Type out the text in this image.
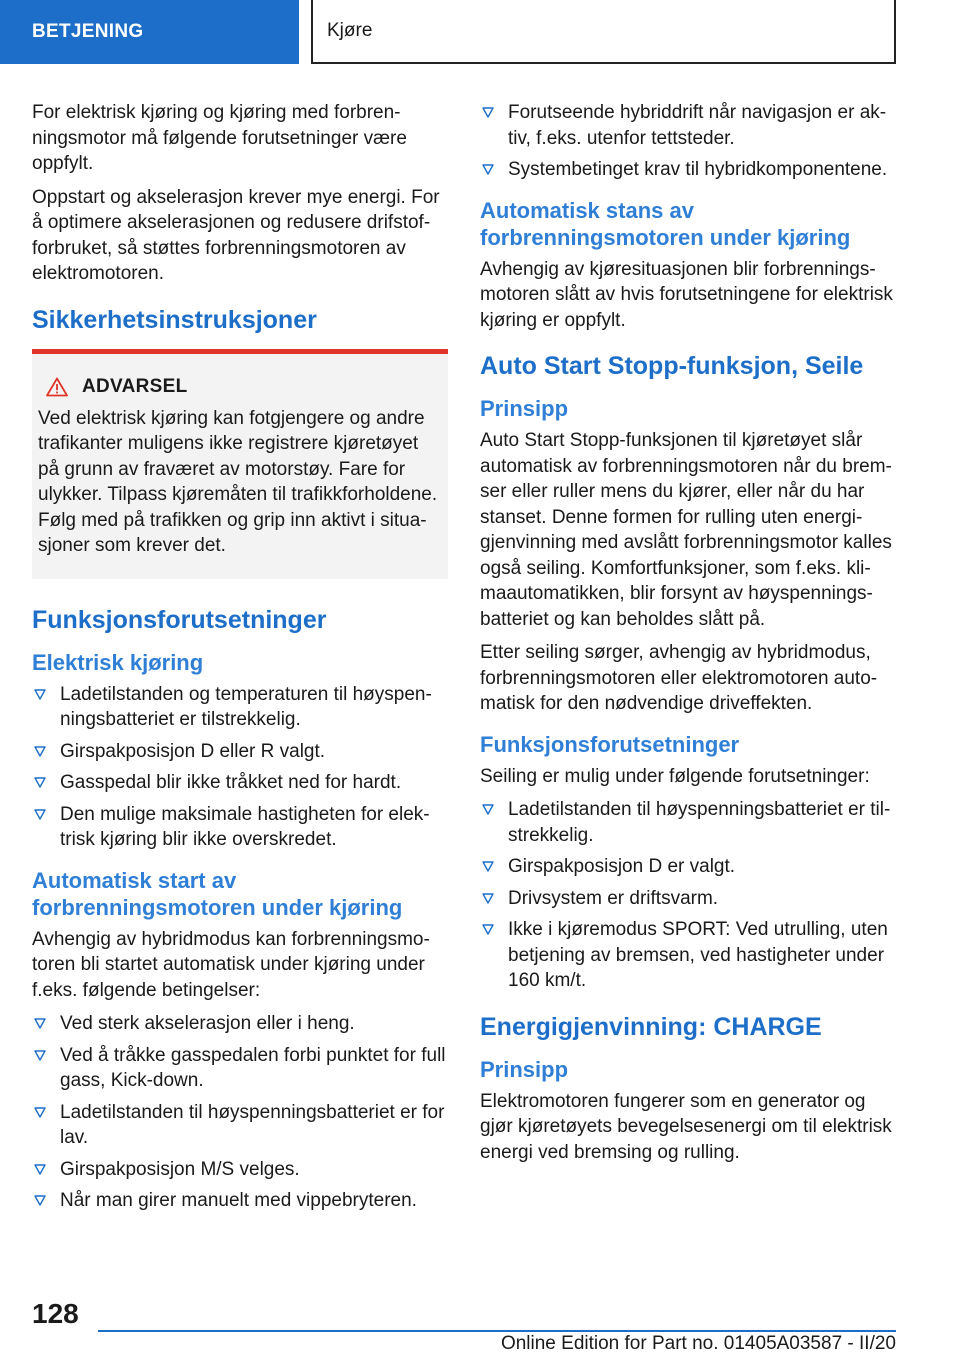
BETJENING	Kjøre

For elektrisk kjøring og kjøring med forbren-ningsmotor må følgende forutsetninger være oppfylt.

Oppstart og akselerasjon krever mye energi. For å optimere akselerasjonen og redusere drifstof-forbruket, så støttes forbrenningsmotoren av elektromotoren.

Sikkerhetsinstruksjoner
ADVARSEL

Ved elektrisk kjøring kan fotgjengere og andre trafikanter muligens ikke registrere kjøretøyet på grunn av fraværet av motorstøy. Fare for ulykker. Tilpass kjøremåten til trafikkforholdene. Følg med på trafikken og grip inn aktivt i situa-sjoner som krever det.

Funksjonsforutsetninger
Elektrisk kjøring
Ladetilstanden og temperaturen til høyspen-ningsbatteriet er tilstrekkelig.
Girspakposisjon D eller R valgt.
Gasspedal blir ikke tråkket ned for hardt.
Den mulige maksimale hastigheten for elek-trisk kjøring blir ikke overskredet.
Automatisk start av forbrenningsmotoren under kjøring

Avhengig av hybridmodus kan forbrenningsmo-toren bli startet automatisk under kjøring under f.eks. følgende betingelser:

Ved sterk akselerasjon eller i heng.
Ved å tråkke gasspedalen forbi punktet for full gass, Kick-down.
Ladetilstanden til høyspenningsbatteriet er for lav.
Girspakposisjon M/S velges.
Når man girer manuelt med vippebryteren.
Forutseende hybriddrift når navigasjon er ak-tiv, f.eks. utenfor tettsteder.
Systembetinget krav til hybridkomponentene.
Automatisk stans av forbrenningsmotoren under kjøring

Avhengig av kjøresituasjonen blir forbrennings-motoren slått av hvis forutsetningene for elektrisk kjøring er oppfylt.

Auto Start Stopp-funksjon, Seile
Prinsipp

Auto Start Stopp-funksjonen til kjøretøyet slår automatisk av forbrenningsmotoren når du brem-ser eller ruller mens du kjører, eller når du har stanset. Denne formen for rulling uten energi-gjenvinning med avslått forbrenningsmotor kalles også seiling. Komfortfunksjoner, som f.eks. kli-maautomatikken, blir forsynt av høyspennings-batteriet og kan beholdes slått på.

Etter seiling sørger, avhengig av hybridmodus, forbrenningsmotoren eller elektromotoren auto-matisk for den nødvendige driveffekten.

Funksjonsforutsetninger

Seiling er mulig under følgende forutsetninger:

Ladetilstanden til høyspenningsbatteriet er til-strekkelig.
Girspakposisjon D er valgt.
Drivsystem er driftsvarm.
Ikke i kjøremodus SPORT: Ved utrulling, uten betjening av bremsen, ved hastigheter under 160 km/t.
Energigjenvinning: CHARGE
Prinsipp

Elektromotoren fungerer som en generator og gjør kjøretøyets bevegelsesenergi om til elektrisk energi ved bremsing og rulling.

128
Online Edition for Part no. 01405A03587 - II/20
